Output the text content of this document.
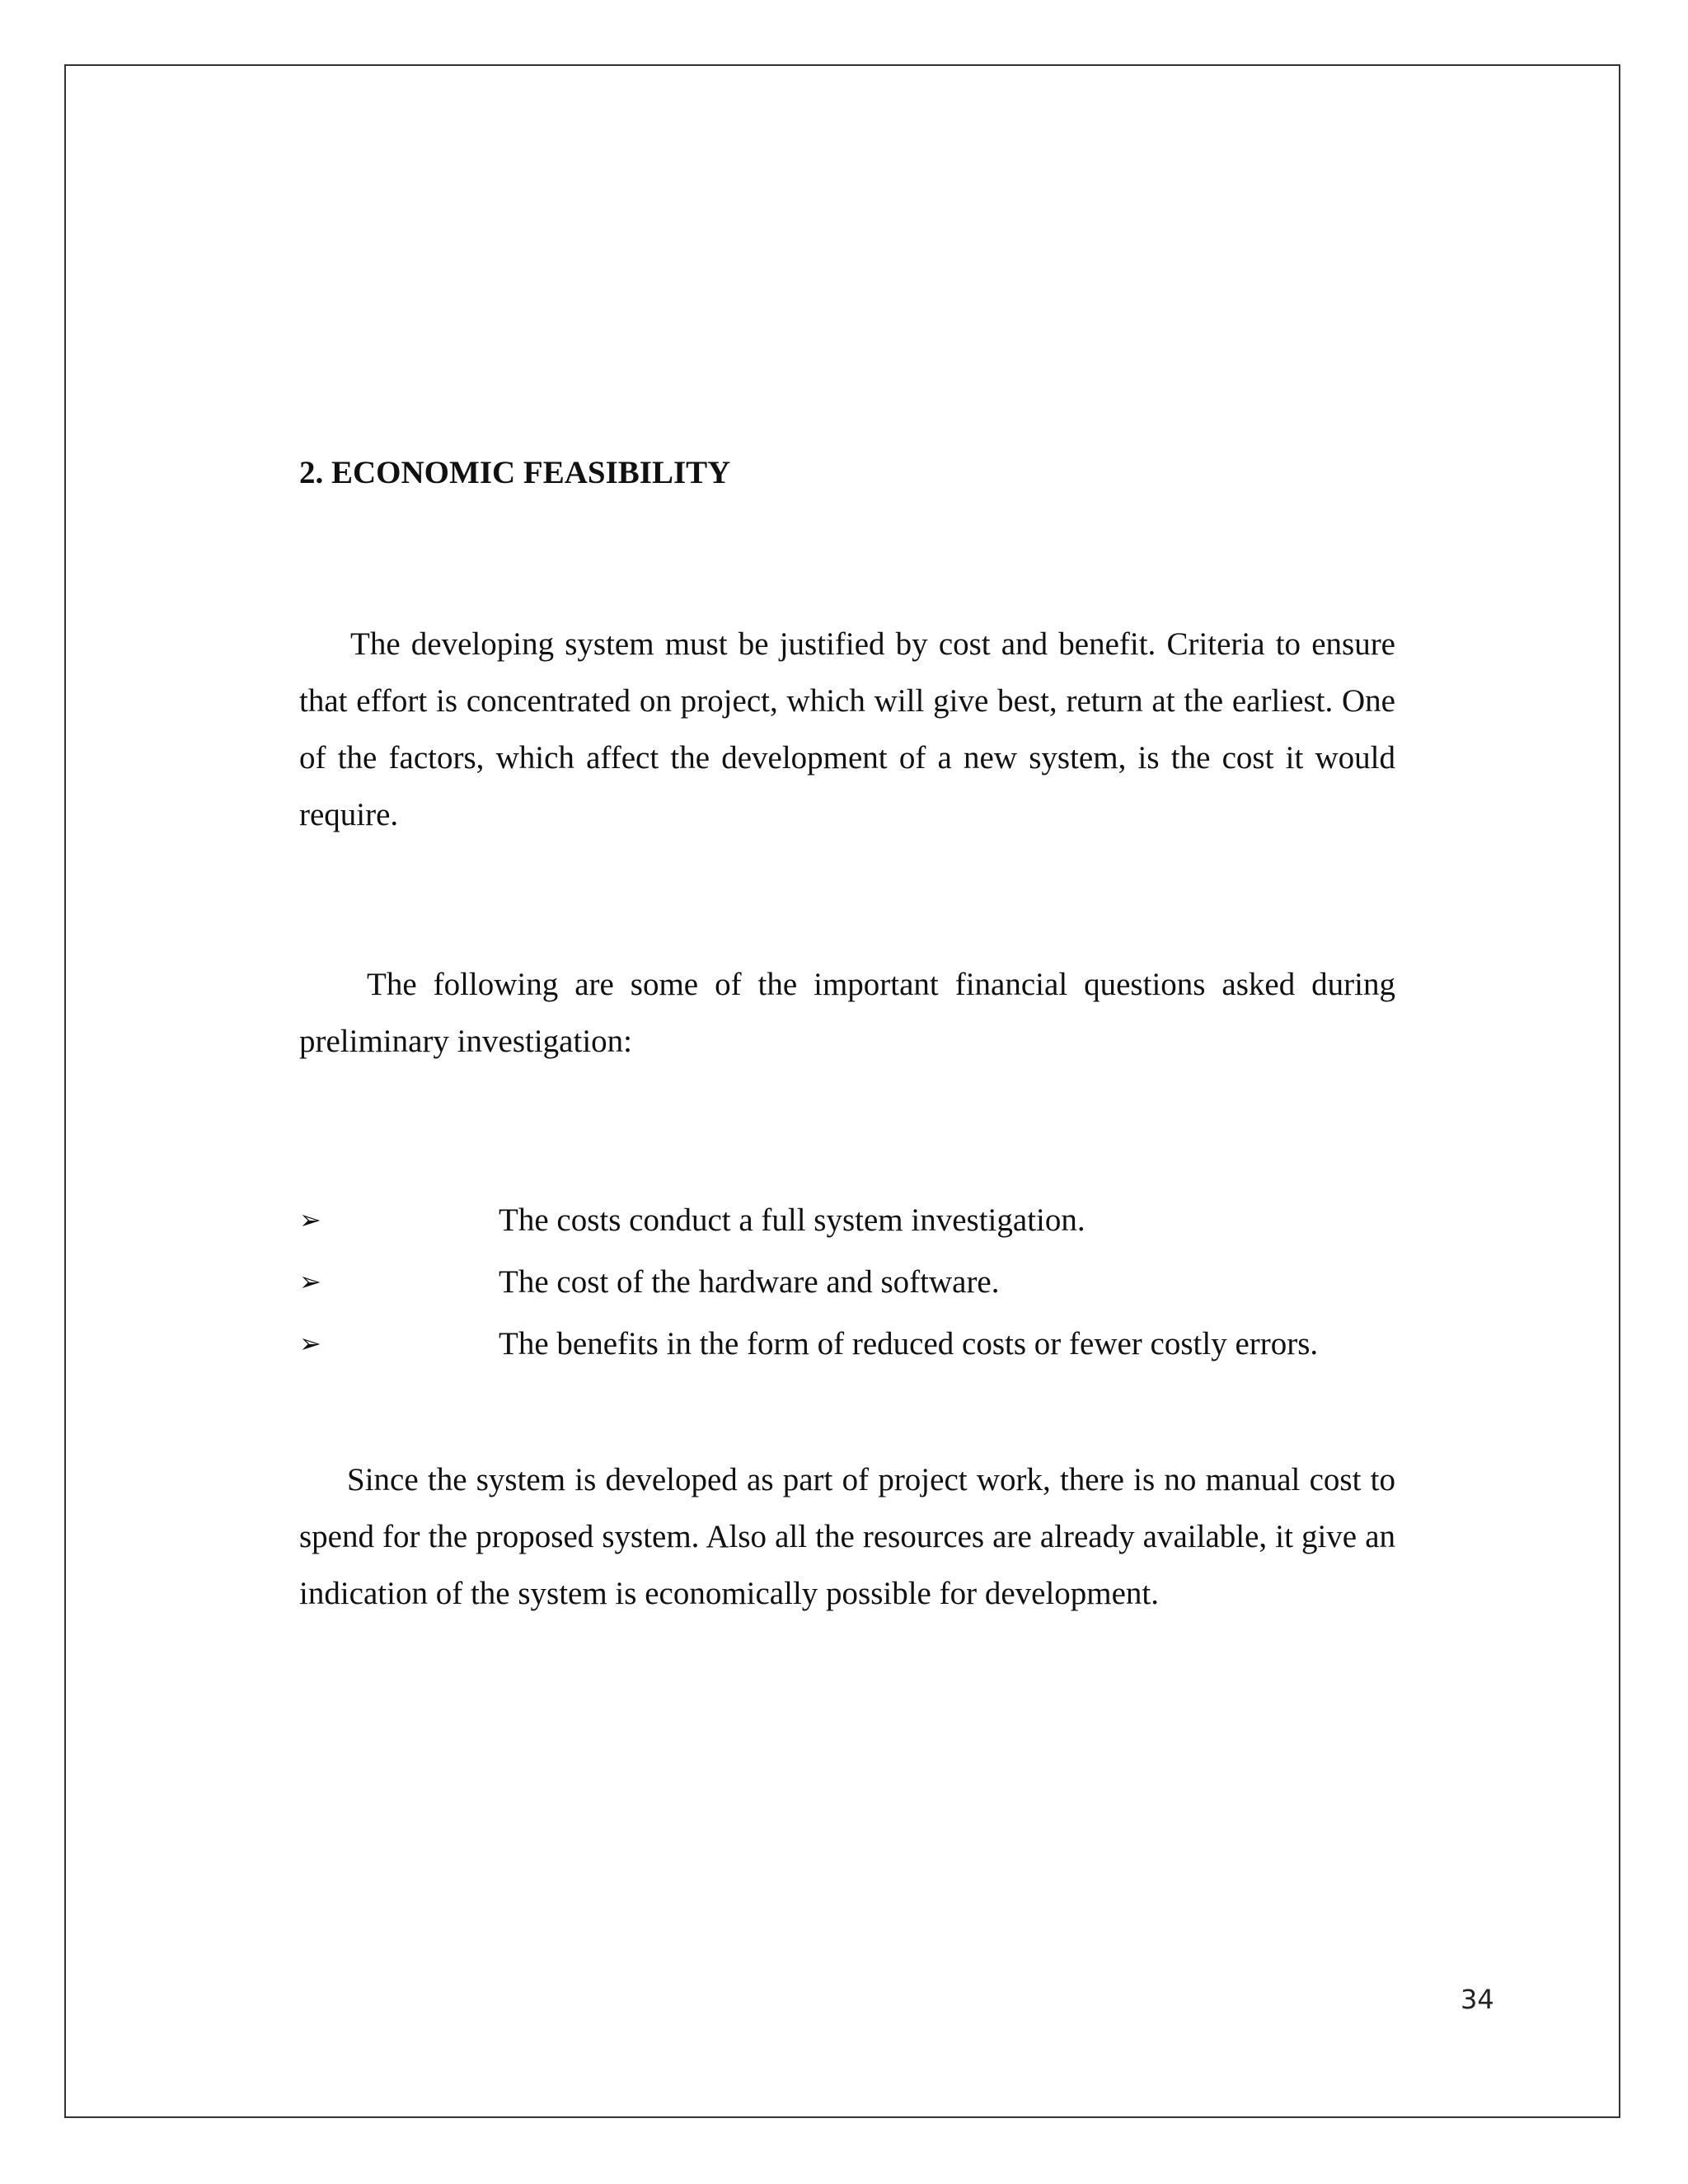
2. ECONOMIC FEASIBILITY

The developing system must be justified by cost and benefit. Criteria to ensure that effort is concentrated on project, which will give best, return at the earliest. One of the factors, which affect the development of a new system, is the cost it would require.

The following are some of the important financial questions asked during preliminary investigation:

➢	The costs conduct a full system investigation.
➢	The cost of the hardware and software.
➢	The benefits in the form of reduced costs or fewer costly errors.

Since the system is developed as part of project work, there is no manual cost to spend for the proposed system. Also all the resources are already available, it give an indication of the system is economically possible for development.

34
